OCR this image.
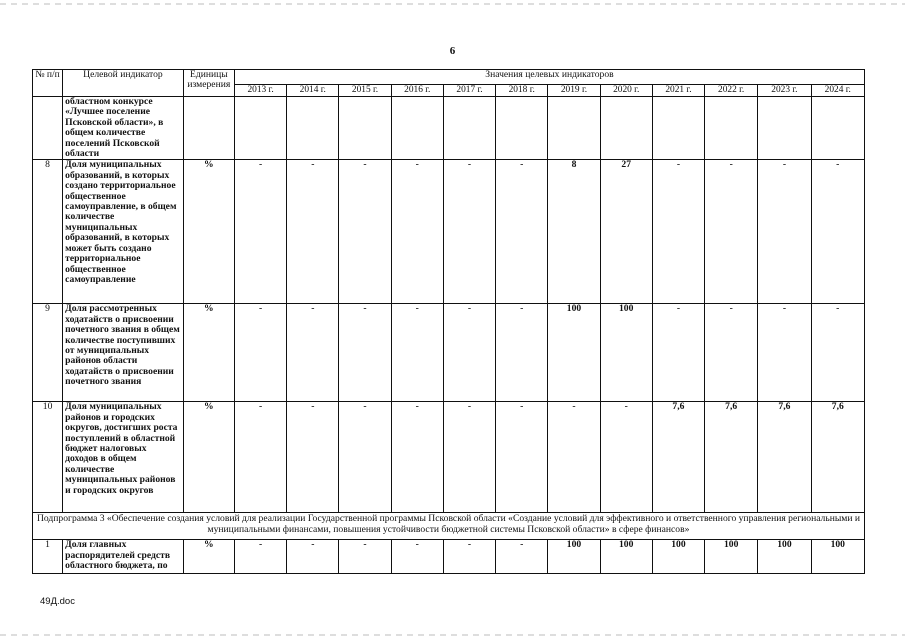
6
№ п/п	Целевой индикатор	Единицы измерения	Значения целевых индикаторов											
			2013 г.	2014 г.	2015 г.	2016 г.	2017 г.	2018 г.	2019 г.	2020 г.	2021 г.	2022 г.	2023 г.	2024 г.
	областном конкурсе «Лучшее поселение Псковской области», в общем количестве поселений Псковской области													
8	Доля муниципальных образований, в которых создано территориальное общественное самоуправление, в общем количестве муниципальных образований, в которых может быть создано территориальное общественное самоуправление	%	-	-	-	-	-	-	8	27	-	-	-	-
9	Доля рассмотренных ходатайств о присвоении почетного звания в общем количестве поступивших от муниципальных районов области ходатайств о присвоении почетного звания	%	-	-	-	-	-	-	100	100	-	-	-	-
10	Доля муниципальных районов и городских округов, достигших роста поступлений в областной бюджет налоговых доходов в общем количестве муниципальных районов и городских округов	%	-	-	-	-	-	-	-	-	7,6	7,6	7,6	7,6
Подпрограмма 3 «Обеспечение создания условий для реализации Государственной программы Псковской области «Создание условий для эффективного и ответственного управления региональными и муниципальными финансами, повышения устойчивости бюджетной системы Псковской области» в сфере финансов»														
1	Доля главных распорядителей средств областного бюджета, по	%	-	-	-	-	-	-	100	100	100	100	100	100
49Д.doc
